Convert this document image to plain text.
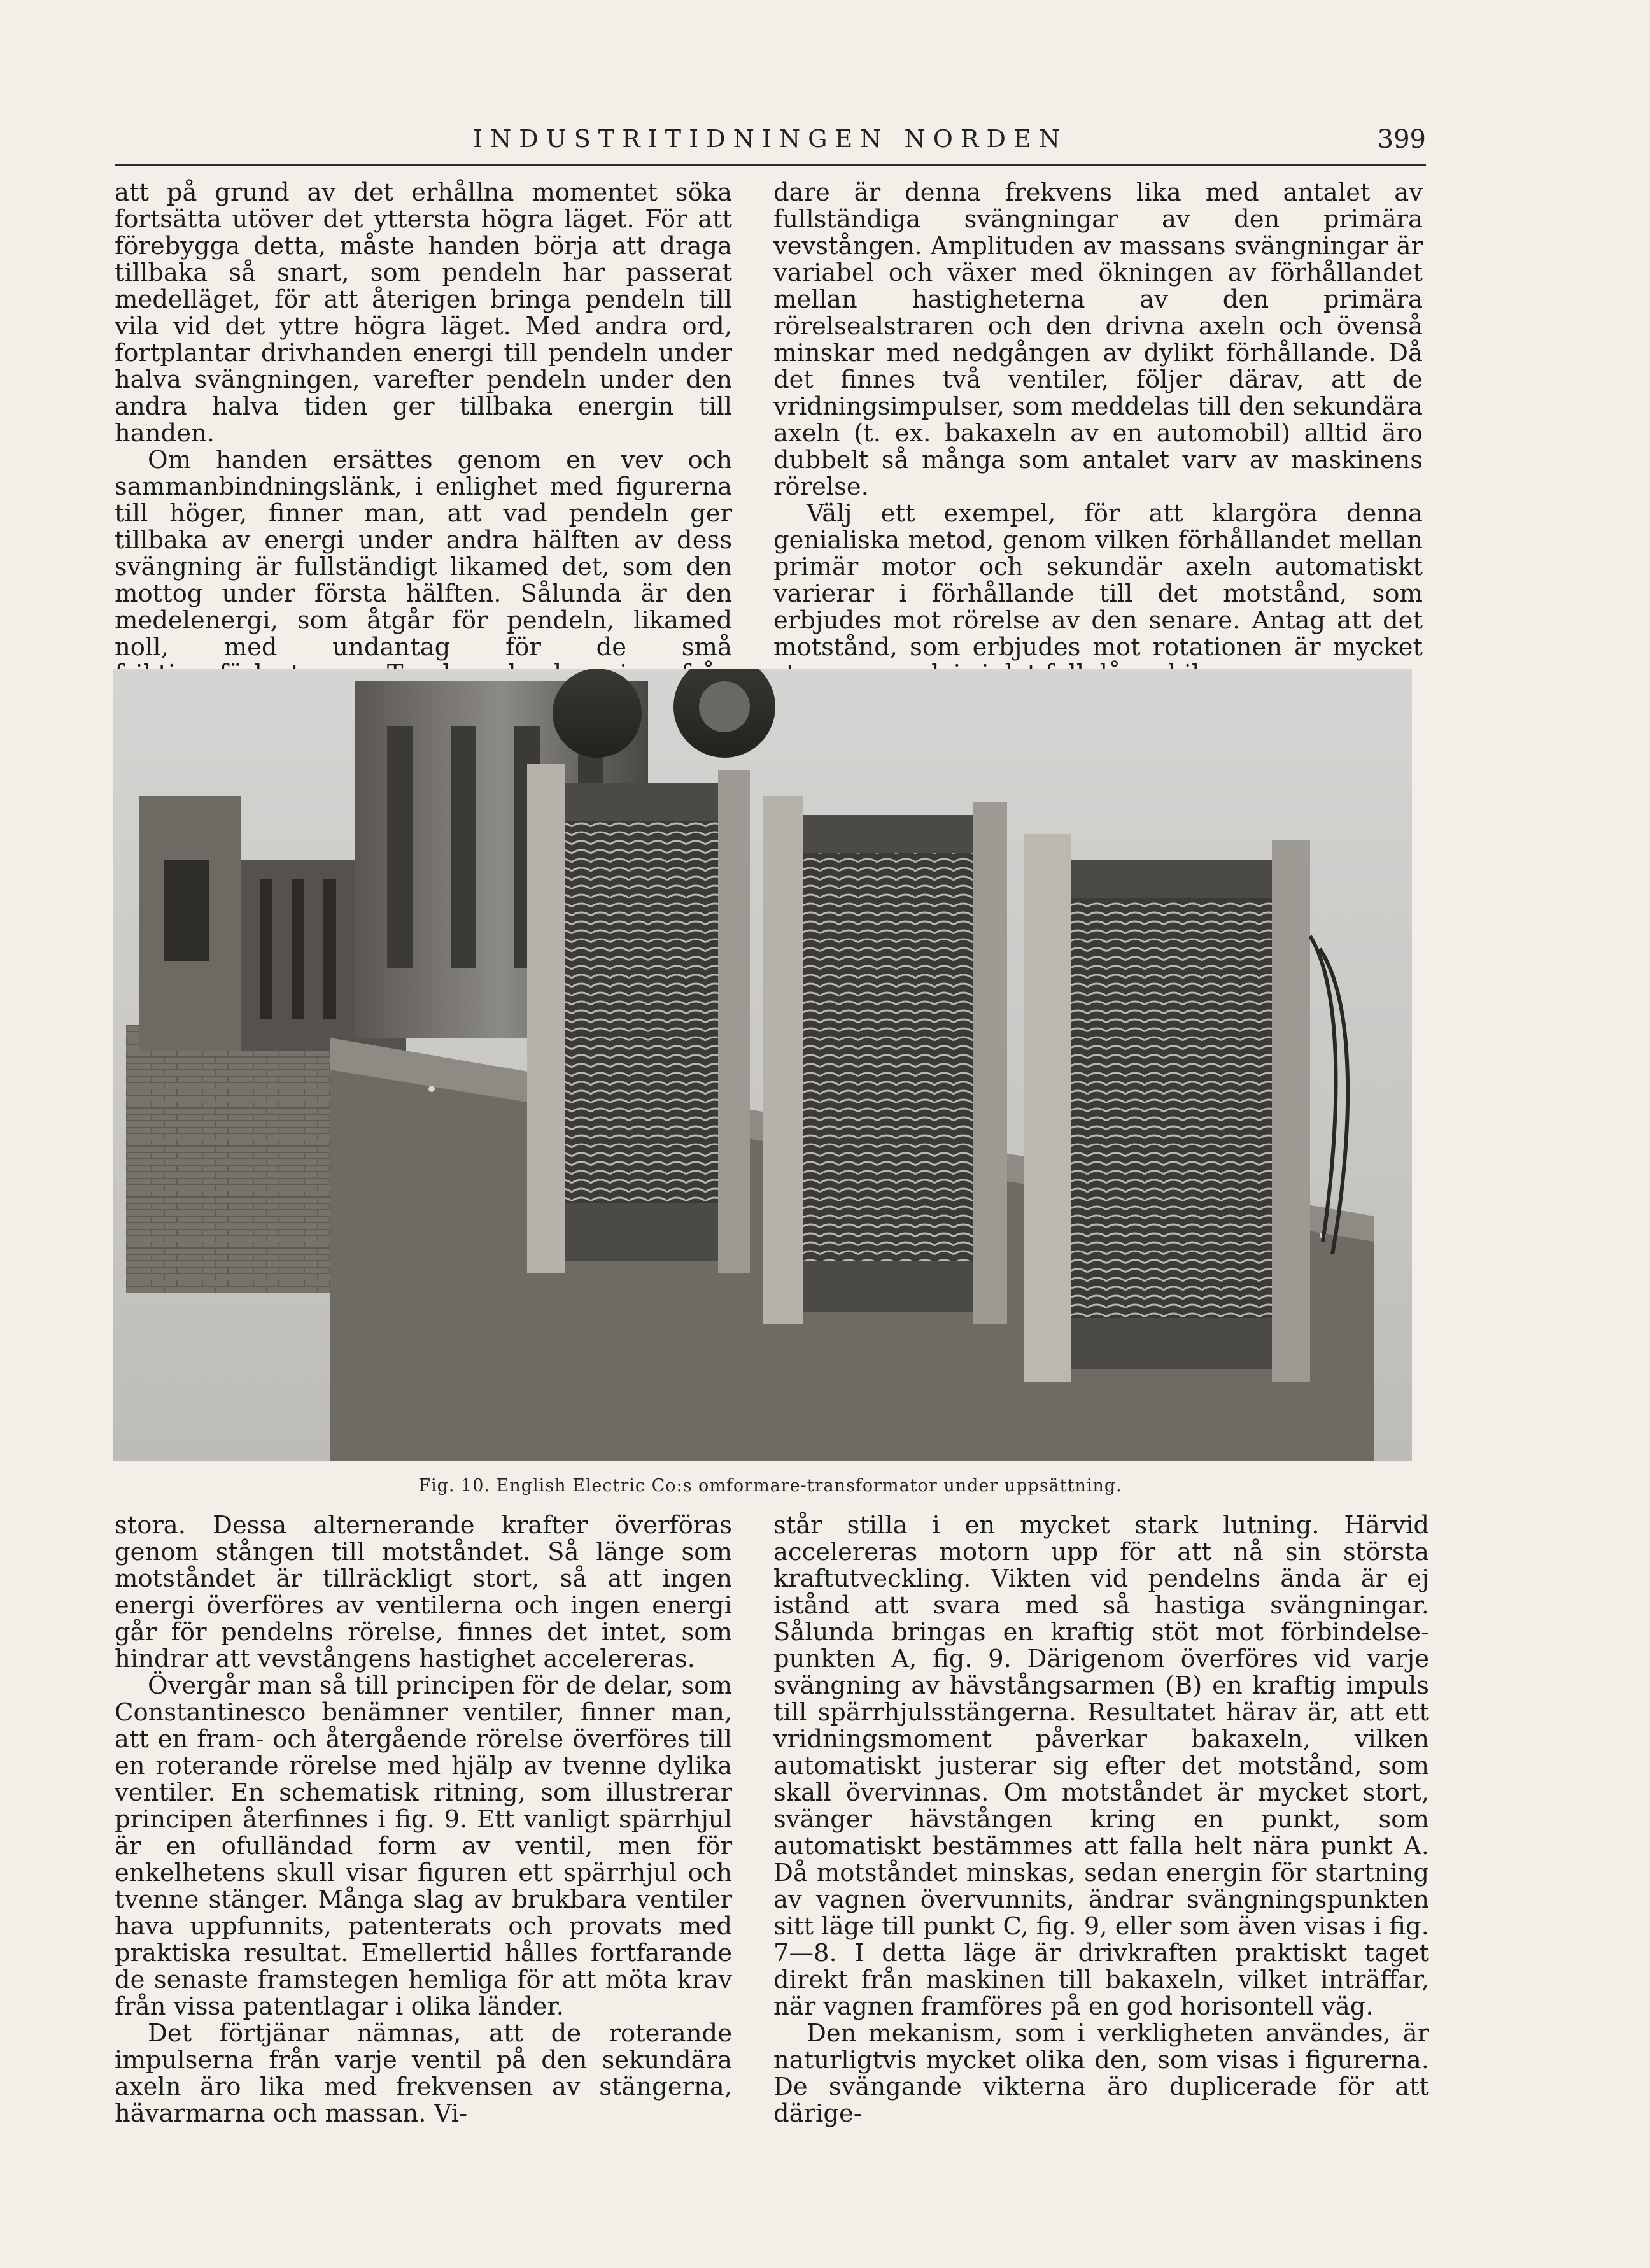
INDUSTRITIDNINGEN NORDEN	399

att på grund av det erhållna momentet söka fortsätta utöver det yttersta högra läget. För att förebygga detta, måste handen börja att draga tillbaka så snart, som pendeln har passerat medelläget, för att återigen bringa pendeln till vila vid det yttre högra läget. Med andra ord, fortplantar drivhanden energi till pendeln under halva svängningen, varefter pendeln under den andra halva tiden ger tillbaka energin till handen.

Om handen ersättes genom en vev och sammanbindningslänk, i enlighet med figurerna till höger, finner man, att vad pendeln ger tillbaka av energi under andra hälften av dess svängning är fullständigt likamed det, som den mottog under första hälften. Sålunda är den medelenergi, som åtgår för pendeln, likamed noll, med undantag för de små

dare är denna frekvens lika med antalet av fullständiga svängningar av den primära vevstången. Amplituden av massans svängningar är variabel och växer med ökningen av förhållandet mellan hastigheterna av den primära rörelsealstraren och den drivna axeln och övenså minskar med nedgången av dylikt förhållande. Då det finnes två ventiler, följer därav, att de vridningsimpulser, som meddelas till den sekundära axeln (t. ex. bakaxeln av en automobil) alltid äro dubbelt så många som antalet varv av maskinens rörelse.

Välj ett exempel, för att klargöra denna genialiska metod, genom vilken förhållandet mellan primär motor och sekundär axeln automatiskt varierar i förhållande till det motstånd, som erbjudes mot rörelse av den senare. Antag att det motstånd, som erbjudes mot rotationen är mycket

Fig. 10. English Electric Co:s omformare-transformator under uppsättning.

stora. Dessa alternerande krafter överföras genom stången till motståndet. Så länge som motståndet är tillräckligt stort, så att ingen energi överföres av ventilerna och ingen energi går för pendelns rörelse, finnes det intet, som hindrar att vevstångens hastighet accelereras.

Övergår man så till principen för de delar, som Constantinesco benämner ventiler, finner man, att en fram- och återgående rörelse överföres till en roterande rörelse med hjälp av tvenne dylika ventiler. En schematisk ritning, som illustrerar principen återfinnes i fig. 9. Ett vanligt spärrhjul är en ofulländad form av ventil, men för enkelhetens skull visar figuren ett spärrhjul och tvenne stänger. Många slag av brukbara ventiler hava uppfunnits, patenterats och provats med praktiska resultat. Emellertid hålles fortfarande de senaste framstegen hemliga för att möta krav från vissa patentlagar i olika länder.

Det förtjänar nämnas, att de roterande impulserna från varje ventil på den sekundära axeln äro lika med frekvensen av stängerna, hävarmarna och massan. Vi-

står stilla i en mycket stark lutning. Härvid accelereras motorn upp för att nå sin största kraftutveckling. Vikten vid pendelns ända är ej istånd att svara med så hastiga svängningar. Sålunda bringas en kraftig stöt mot förbindelse-punkten A, fig. 9. Därigenom överföres vid varje svängning av hävstångsarmen (B) en kraftig impuls till spärrhjulsstängerna. Resultatet härav är, att ett vridningsmoment påverkar bakaxeln, vilken automatiskt justerar sig efter det motstånd, som skall övervinnas. Om motståndet är mycket stort, svänger hävstången kring en punkt, som automatiskt bestämmes att falla helt nära punkt A. Då motståndet minskas, sedan energin för startning av vagnen övervunnits, ändrar svängningspunkten sitt läge till punkt C, fig. 9, eller som även visas i fig. 7—8. I detta läge är drivkraften praktiskt taget direkt från maskinen till bakaxeln, vilket inträffar, när vagnen framföres på en god horisontell väg.

Den mekanism, som i verkligheten användes, är naturligtvis mycket olika den, som visas i figurerna. De svängande vikterna äro duplicerade för att därige-
